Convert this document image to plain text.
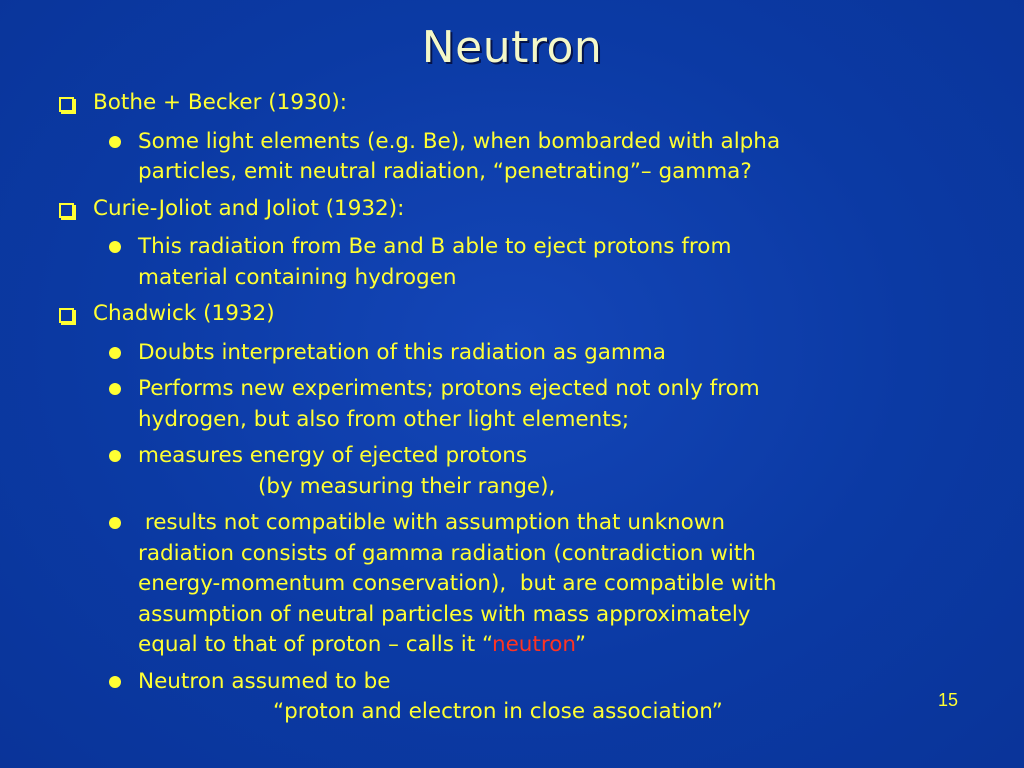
Neutron
Bothe + Becker (1930):
Some light elements (e.g. Be), when bombarded with alpha
particles, emit neutral radiation, “penetrating”– gamma?
Curie-Joliot and Joliot (1932):
This radiation from Be and B able to eject protons from
material containing hydrogen
Chadwick (1932)
Doubts interpretation of this radiation as gamma
Performs new experiments; protons ejected not only from
hydrogen, but also from other light elements;
measures energy of ejected protons
(by measuring their range),
results not compatible with assumption that unknown
radiation consists of gamma radiation (contradiction with
energy-momentum conservation),  but are compatible with
assumption of neutral particles with mass approximately
equal to that of proton – calls it “neutron”
Neutron assumed to be
“proton and electron in close association”	15
